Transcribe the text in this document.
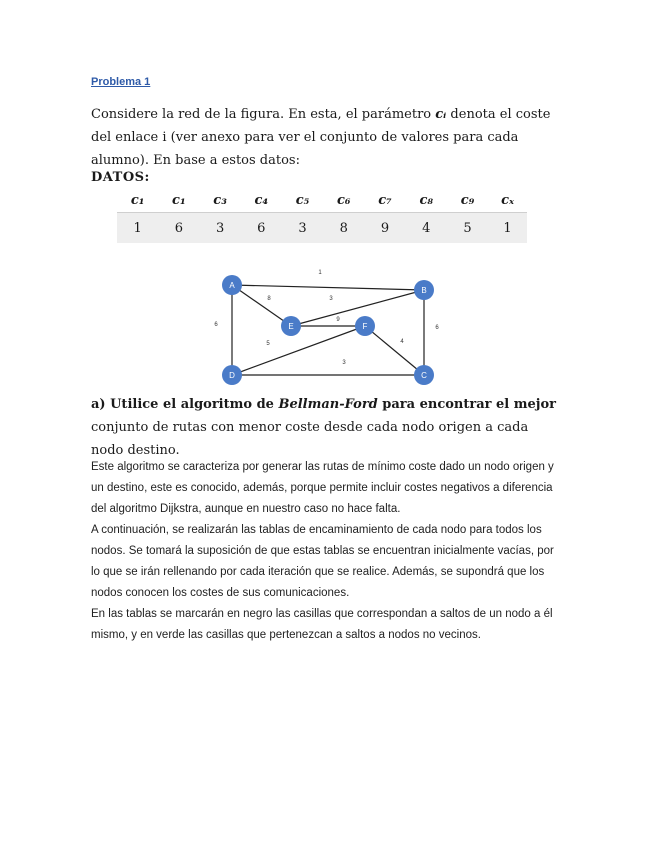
Problema 1
Considere la red de la figura. En esta, el parámetro cᵢ denota el coste del enlace i (ver anexo para ver el conjunto de valores para cada alumno). En base a estos datos:
DATOS:
c₁	c₁	c₃	c₄	c₅	c₆	c₇	c₈	c₉	cₓ
1	6	3	6	3	8	9	4	5	1
1
8	3
9
6	6
5	4
3
A
B
E	F
D	C
a) Utilice el algoritmo de Bellman-Ford para encontrar el mejor conjunto de rutas con menor coste desde cada nodo origen a cada nodo destino.

Este algoritmo se caracteriza por generar las rutas de mínimo coste dado un nodo origen y un destino, este es conocido, además, porque permite incluir costes negativos a diferencia del algoritmo Dijkstra, aunque en nuestro caso no hace falta.

A continuación, se realizarán las tablas de encaminamiento de cada nodo para todos los nodos. Se tomará la suposición de que estas tablas se encuentran inicialmente vacías, por lo que se irán rellenando por cada iteración que se realice. Además, se supondrá que los nodos conocen los costes de sus comunicaciones.

En las tablas se marcarán en negro las casillas que correspondan a saltos de un nodo a él mismo, y en verde las casillas que pertenezcan a saltos a nodos no vecinos.
